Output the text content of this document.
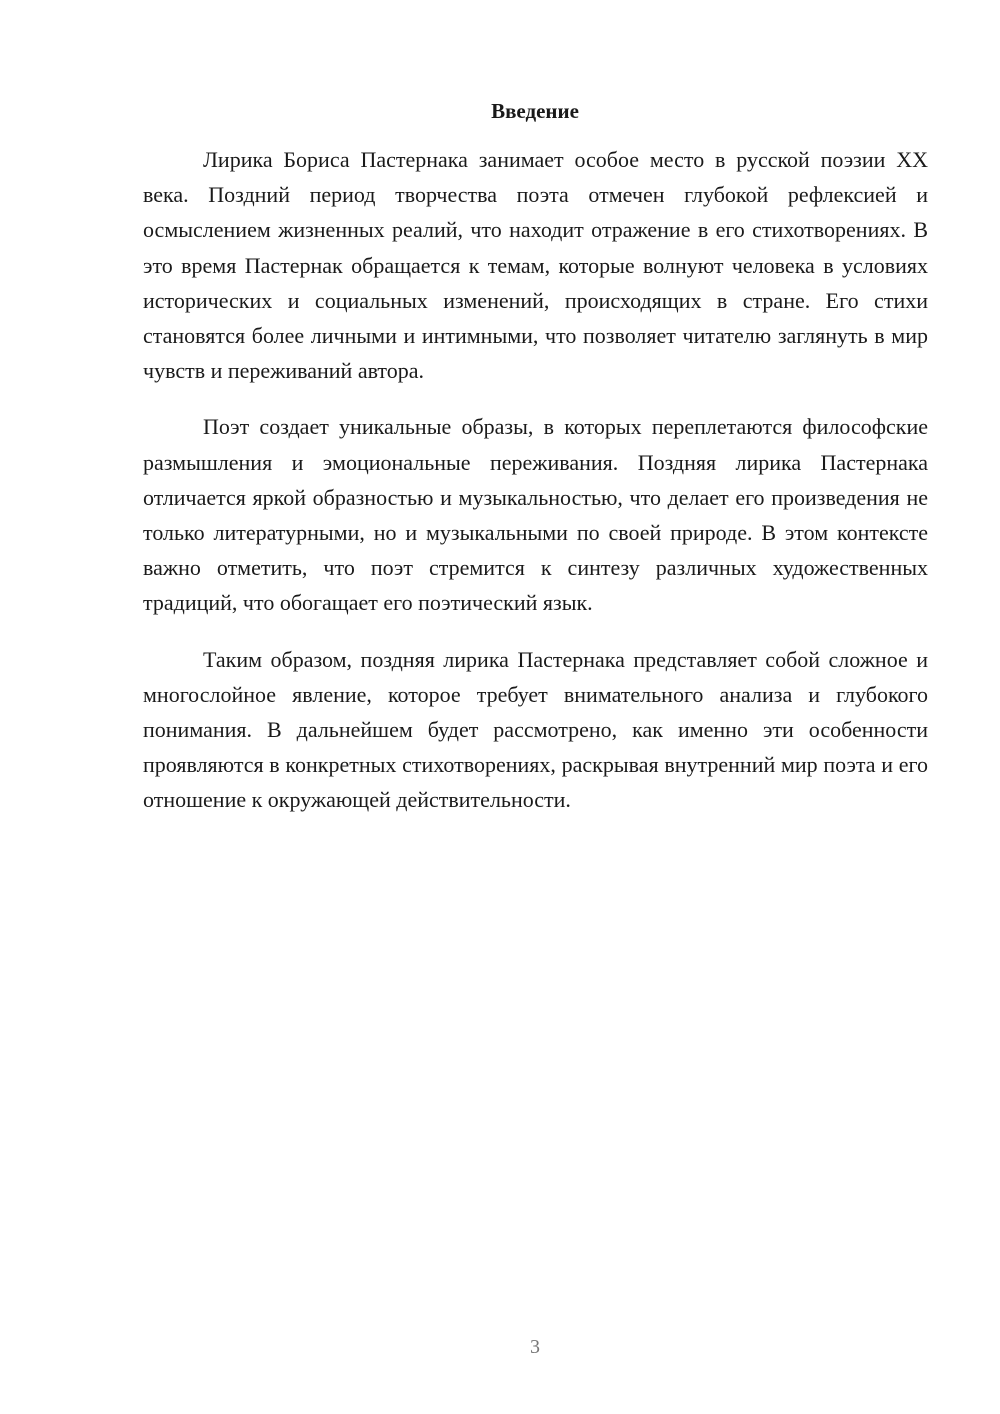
Введение

Лирика Бориса Пастернака занимает особое место в русской поэзии XX века. Поздний период творчества поэта отмечен глубокой рефлексией и осмыслением жизненных реалий, что находит отражение в его стихотворениях. В это время Пастернак обращается к темам, которые волнуют человека в условиях исторических и социальных изменений, происходящих в стране. Его стихи становятся более личными и интимными, что позволяет читателю заглянуть в мир чувств и переживаний автора.

Поэт создает уникальные образы, в которых переплетаются философские размышления и эмоциональные переживания. Поздняя лирика Пастернака отличается яркой образностью и музыкальностью, что делает его произведения не только литературными, но и музыкальными по своей природе. В этом контексте важно отметить, что поэт стремится к синтезу различных художественных традиций, что обогащает его поэтический язык.

Таким образом, поздняя лирика Пастернака представляет собой сложное и многослойное явление, которое требует внимательного анализа и глубокого понимания. В дальнейшем будет рассмотрено, как именно эти особенности проявляются в конкретных стихотворениях, раскрывая внутренний мир поэта и его отношение к окружающей действительности.

3
